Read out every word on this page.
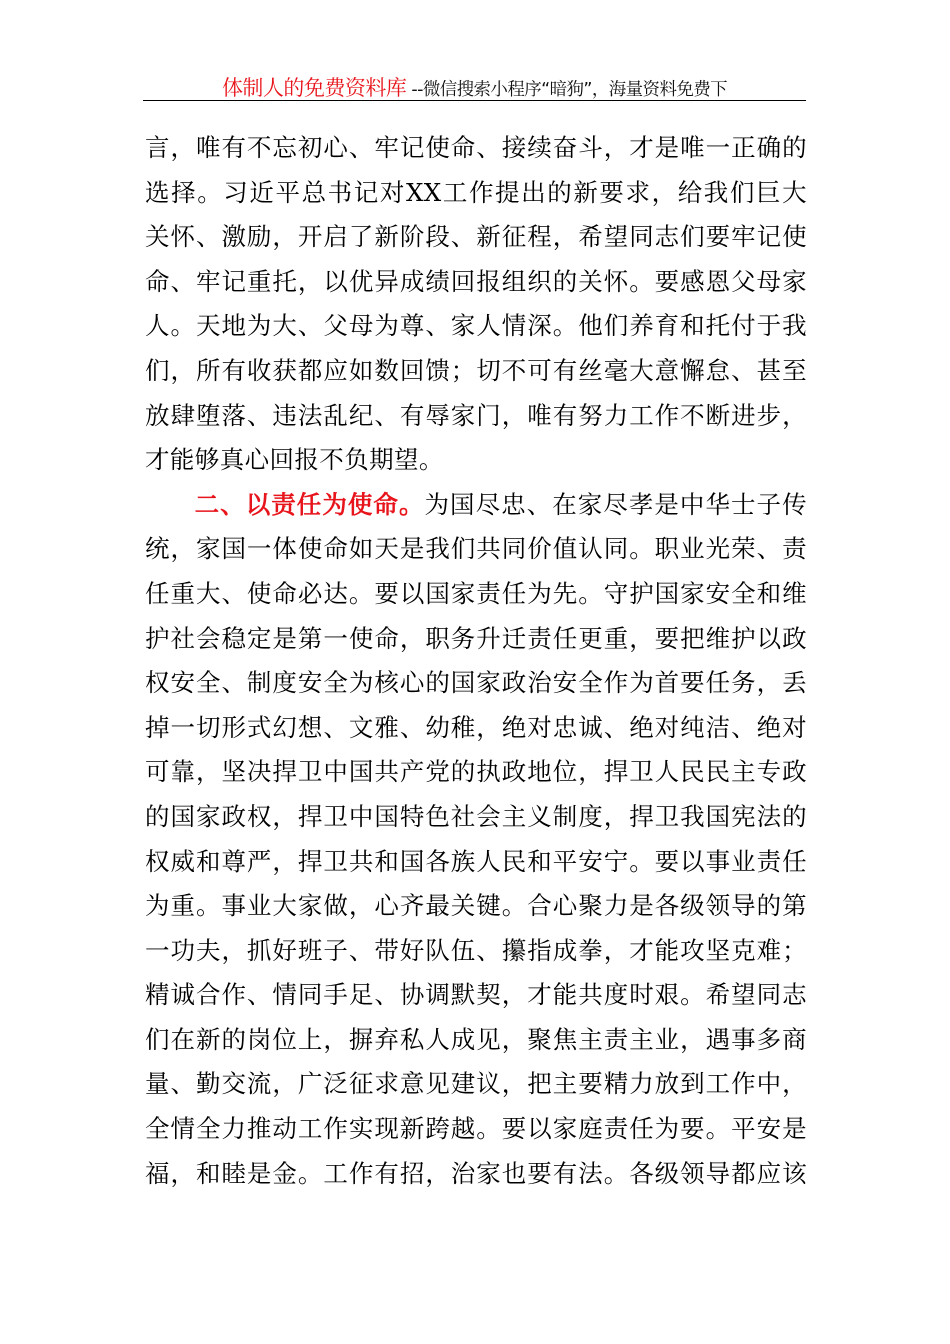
体制人的免费资料库 --微信搜索小程序“暗狗”，海量资料免费下
言，唯有不忘初心、牢记使命、接续奋斗，才是唯一正确的
选择。习近平总书记对XX工作提出的新要求，给我们巨大
关怀、激励，开启了新阶段、新征程，希望同志们要牢记使
命、牢记重托，以优异成绩回报组织的关怀。要感恩父母家
人。天地为大、父母为尊、家人情深。他们养育和托付于我
们，所有收获都应如数回馈；切不可有丝毫大意懈怠、甚至
放肆堕落、违法乱纪、有辱家门，唯有努力工作不断进步，
才能够真心回报不负期望。
二、以责任为使命。为国尽忠、在家尽孝是中华士子传
统，家国一体使命如天是我们共同价值认同。职业光荣、责
任重大、使命必达。要以国家责任为先。守护国家安全和维
护社会稳定是第一使命，职务升迁责任更重，要把维护以政
权安全、制度安全为核心的国家政治安全作为首要任务，丢
掉一切形式幻想、文雅、幼稚，绝对忠诚、绝对纯洁、绝对
可靠，坚决捍卫中国共产党的执政地位，捍卫人民民主专政
的国家政权，捍卫中国特色社会主义制度，捍卫我国宪法的
权威和尊严，捍卫共和国各族人民和平安宁。要以事业责任
为重。事业大家做，心齐最关键。合心聚力是各级领导的第
一功夫，抓好班子、带好队伍、攥指成拳，才能攻坚克难；
精诚合作、情同手足、协调默契，才能共度时艰。希望同志
们在新的岗位上，摒弃私人成见，聚焦主责主业，遇事多商
量、勤交流，广泛征求意见建议，把主要精力放到工作中，
全情全力推动工作实现新跨越。要以家庭责任为要。平安是
福，和睦是金。工作有招，治家也要有法。各级领导都应该
